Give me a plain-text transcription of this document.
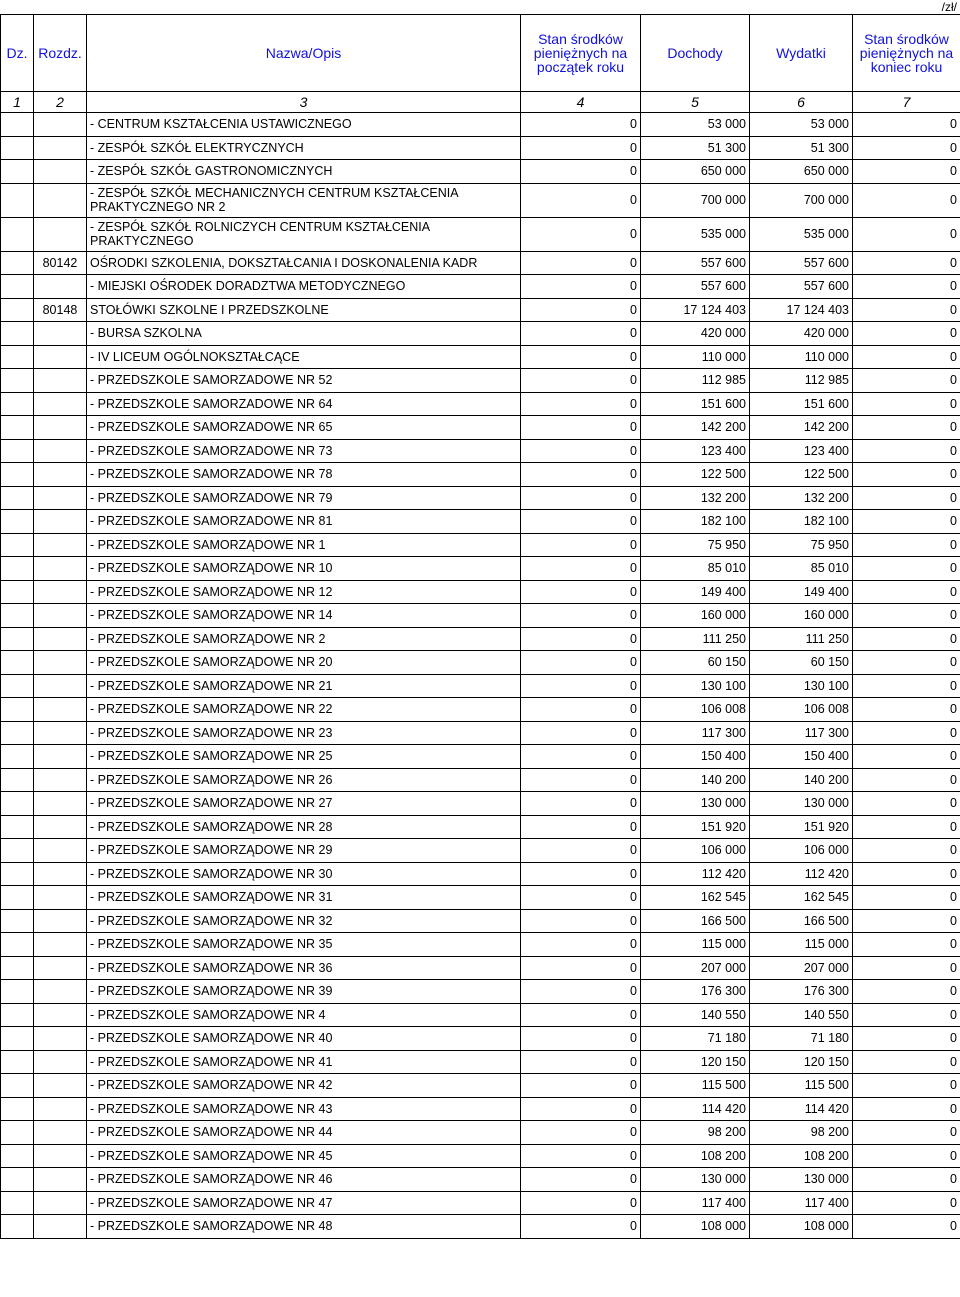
/zł/
Dz.	Rozdz.	Nazwa/Opis	Stan środków pieniężnych na początek roku	Dochody	Wydatki	Stan środków pieniężnych na koniec roku
1	2	3	4	5	6	7
		- CENTRUM KSZTAŁCENIA USTAWICZNEGO	0	53 000	53 000	0
		- ZESPÓŁ SZKÓŁ ELEKTRYCZNYCH	0	51 300	51 300	0
		- ZESPÓŁ SZKÓŁ GASTRONOMICZNYCH	0	650 000	650 000	0
		- ZESPÓŁ SZKÓŁ MECHANICZNYCH CENTRUM KSZTAŁCENIA PRAKTYCZNEGO NR 2	0	700 000	700 000	0
		- ZESPÓŁ SZKÓŁ ROLNICZYCH CENTRUM KSZTAŁCENIA PRAKTYCZNEGO	0	535 000	535 000	0
	80142	OŚRODKI SZKOLENIA, DOKSZTAŁCANIA I DOSKONALENIA KADR	0	557 600	557 600	0
		- MIEJSKI OŚRODEK DORADZTWA METODYCZNEGO	0	557 600	557 600	0
	80148	STOŁÓWKI SZKOLNE I PRZEDSZKOLNE	0	17 124 403	17 124 403	0
		- BURSA SZKOLNA	0	420 000	420 000	0
		- IV LICEUM OGÓLNOKSZTAŁCĄCE	0	110 000	110 000	0
		- PRZEDSZKOLE SAMORZADOWE NR 52	0	112 985	112 985	0
		- PRZEDSZKOLE SAMORZADOWE NR 64	0	151 600	151 600	0
		- PRZEDSZKOLE SAMORZADOWE NR 65	0	142 200	142 200	0
		- PRZEDSZKOLE SAMORZADOWE NR 73	0	123 400	123 400	0
		- PRZEDSZKOLE SAMORZADOWE NR 78	0	122 500	122 500	0
		- PRZEDSZKOLE SAMORZADOWE NR 79	0	132 200	132 200	0
		- PRZEDSZKOLE SAMORZADOWE NR 81	0	182 100	182 100	0
		- PRZEDSZKOLE SAMORZĄDOWE NR 1	0	75 950	75 950	0
		- PRZEDSZKOLE SAMORZĄDOWE NR 10	0	85 010	85 010	0
		- PRZEDSZKOLE SAMORZĄDOWE NR 12	0	149 400	149 400	0
		- PRZEDSZKOLE SAMORZĄDOWE NR 14	0	160 000	160 000	0
		- PRZEDSZKOLE SAMORZĄDOWE NR 2	0	111 250	111 250	0
		- PRZEDSZKOLE SAMORZĄDOWE NR 20	0	60 150	60 150	0
		- PRZEDSZKOLE SAMORZĄDOWE NR 21	0	130 100	130 100	0
		- PRZEDSZKOLE SAMORZĄDOWE NR 22	0	106 008	106 008	0
		- PRZEDSZKOLE SAMORZĄDOWE NR 23	0	117 300	117 300	0
		- PRZEDSZKOLE SAMORZĄDOWE NR 25	0	150 400	150 400	0
		- PRZEDSZKOLE SAMORZĄDOWE NR 26	0	140 200	140 200	0
		- PRZEDSZKOLE SAMORZĄDOWE NR 27	0	130 000	130 000	0
		- PRZEDSZKOLE SAMORZĄDOWE NR 28	0	151 920	151 920	0
		- PRZEDSZKOLE SAMORZĄDOWE NR 29	0	106 000	106 000	0
		- PRZEDSZKOLE SAMORZĄDOWE NR 30	0	112 420	112 420	0
		- PRZEDSZKOLE SAMORZĄDOWE NR 31	0	162 545	162 545	0
		- PRZEDSZKOLE SAMORZĄDOWE NR 32	0	166 500	166 500	0
		- PRZEDSZKOLE SAMORZĄDOWE NR 35	0	115 000	115 000	0
		- PRZEDSZKOLE SAMORZĄDOWE NR 36	0	207 000	207 000	0
		- PRZEDSZKOLE SAMORZĄDOWE NR 39	0	176 300	176 300	0
		- PRZEDSZKOLE SAMORZĄDOWE NR 4	0	140 550	140 550	0
		- PRZEDSZKOLE SAMORZĄDOWE NR 40	0	71 180	71 180	0
		- PRZEDSZKOLE SAMORZĄDOWE NR 41	0	120 150	120 150	0
		- PRZEDSZKOLE SAMORZĄDOWE NR 42	0	115 500	115 500	0
		- PRZEDSZKOLE SAMORZĄDOWE NR 43	0	114 420	114 420	0
		- PRZEDSZKOLE SAMORZĄDOWE NR 44	0	98 200	98 200	0
		- PRZEDSZKOLE SAMORZĄDOWE NR 45	0	108 200	108 200	0
		- PRZEDSZKOLE SAMORZĄDOWE NR 46	0	130 000	130 000	0
		- PRZEDSZKOLE SAMORZĄDOWE NR 47	0	117 400	117 400	0
		- PRZEDSZKOLE SAMORZĄDOWE NR 48	0	108 000	108 000	0
